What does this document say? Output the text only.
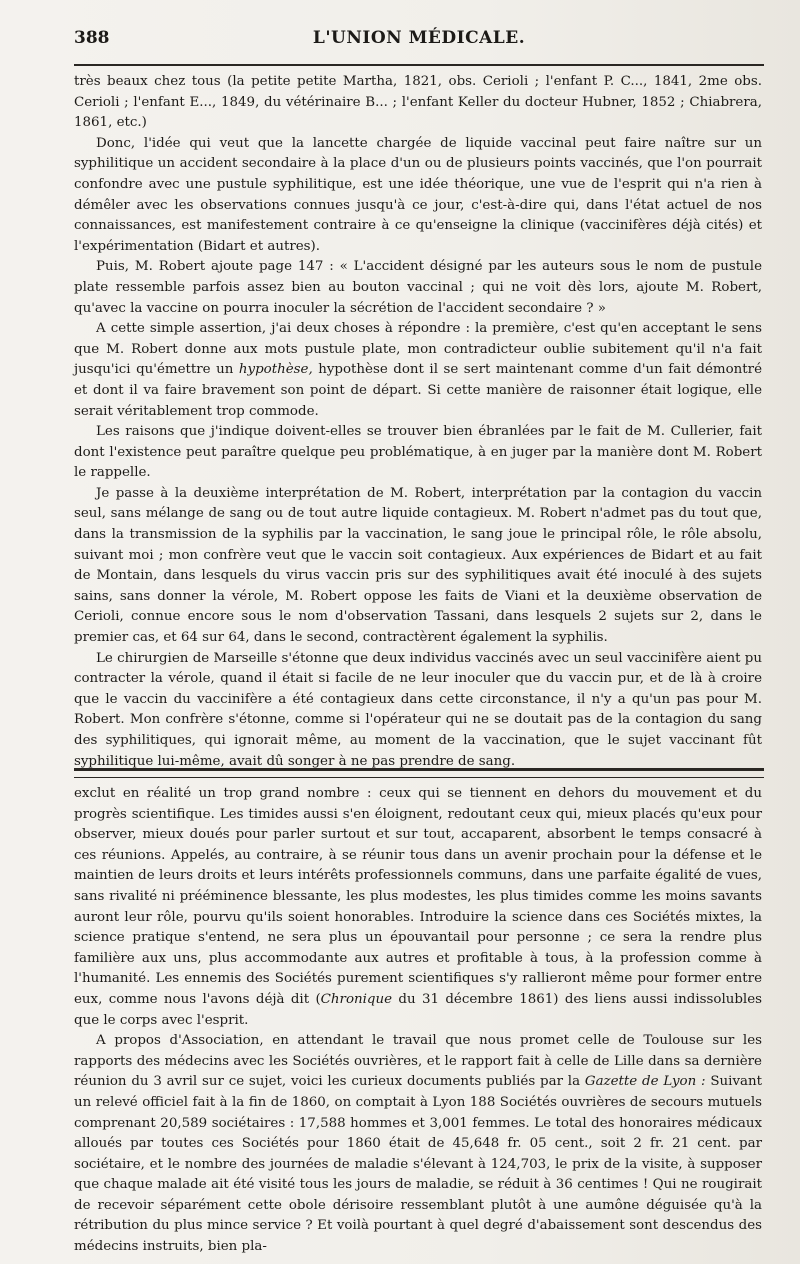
388	L'UNION MÉDICALE.

très beaux chez tous (la petite petite Martha, 1821, obs. Cerioli ; l'enfant P. C..., 1841, 2me obs. Cerioli ; l'enfant E..., 1849, du vétérinaire B... ; l'enfant Keller du docteur Hubner, 1852 ; Chiabrera, 1861, etc.)

Donc, l'idée qui veut que la lancette chargée de liquide vaccinal peut faire naître sur un syphilitique un accident secondaire à la place d'un ou de plusieurs points vaccinés, que l'on pourrait confondre avec une pustule syphilitique, est une idée théorique, une vue de l'esprit qui n'a rien à démêler avec les observations connues jusqu'à ce jour, c'est-à-dire qui, dans l'état actuel de nos connaissances, est manifestement contraire à ce qu'enseigne la clinique (vaccinifères déjà cités) et l'expérimentation (Bidart et autres).

Puis, M. Robert ajoute page 147 : « L'accident désigné par les auteurs sous le nom de pustule plate ressemble parfois assez bien au bouton vaccinal ; qui ne voit dès lors, ajoute M. Robert, qu'avec la vaccine on pourra inoculer la sécrétion de l'accident secondaire ? »

A cette simple assertion, j'ai deux choses à répondre : la première, c'est qu'en acceptant le sens que M. Robert donne aux mots pustule plate, mon contradicteur oublie subitement qu'il n'a fait jusqu'ici qu'émettre un hypothèse, hypothèse dont il se sert maintenant comme d'un fait démontré et dont il va faire bravement son point de départ. Si cette manière de raisonner était logique, elle serait véritablement trop commode.

Les raisons que j'indique doivent-elles se trouver bien ébranlées par le fait de M. Cullerier, fait dont l'existence peut paraître quelque peu problématique, à en juger par la manière dont M. Robert le rappelle.

Je passe à la deuxième interprétation de M. Robert, interprétation par la contagion du vaccin seul, sans mélange de sang ou de tout autre liquide contagieux. M. Robert n'admet pas du tout que, dans la transmission de la syphilis par la vaccination, le sang joue le principal rôle, le rôle absolu, suivant moi ; mon confrère veut que le vaccin soit contagieux. Aux expériences de Bidart et au fait de Montain, dans lesquels du virus vaccin pris sur des syphilitiques avait été inoculé à des sujets sains, sans donner la vérole, M. Robert oppose les faits de Viani et la deuxième observation de Cerioli, connue encore sous le nom d'observation Tassani, dans lesquels 2 sujets sur 2, dans le premier cas, et 64 sur 64, dans le second, contractèrent également la syphilis.

Le chirurgien de Marseille s'étonne que deux individus vaccinés avec un seul vaccinifère aient pu contracter la vérole, quand il était si facile de ne leur inoculer que du vaccin pur, et de là à croire que le vaccin du vaccinifère a été contagieux dans cette circonstance, il n'y a qu'un pas pour M. Robert. Mon confrère s'étonne, comme si l'opérateur qui ne se doutait pas de la contagion du sang des syphilitiques, qui ignorait même, au moment de la vaccination, que le sujet vaccinant fût syphilitique lui-même, avait dû songer à ne pas prendre de sang.

exclut en réalité un trop grand nombre : ceux qui se tiennent en dehors du mouvement et du progrès scientifique. Les timides aussi s'en éloignent, redoutant ceux qui, mieux placés qu'eux pour observer, mieux doués pour parler surtout et sur tout, accaparent, absorbent le temps consacré à ces réunions. Appelés, au contraire, à se réunir tous dans un avenir prochain pour la défense et le maintien de leurs droits et leurs intérêts professionnels communs, dans une parfaite égalité de vues, sans rivalité ni prééminence blessante, les plus modestes, les plus timides comme les moins savants auront leur rôle, pourvu qu'ils soient honorables. Introduire la science dans ces Sociétés mixtes, la science pratique s'entend, ne sera plus un épouvantail pour personne ; ce sera la rendre plus familière aux uns, plus accommodante aux autres et profitable à tous, à la profession comme à l'humanité. Les ennemis des Sociétés purement scientifiques s'y rallieront même pour former entre eux, comme nous l'avons déjà dit (Chronique du 31 décembre 1861) des liens aussi indissolubles que le corps avec l'esprit.

A propos d'Association, en attendant le travail que nous promet celle de Toulouse sur les rapports des médecins avec les Sociétés ouvrières, et le rapport fait à celle de Lille dans sa dernière réunion du 3 avril sur ce sujet, voici les curieux documents publiés par la Gazette de Lyon : Suivant un relevé officiel fait à la fin de 1860, on comptait à Lyon 188 Sociétés ouvrières de secours mutuels comprenant 20,589 sociétaires : 17,588 hommes et 3,001 femmes. Le total des honoraires médicaux alloués par toutes ces Sociétés pour 1860 était de 45,648 fr. 05 cent., soit 2 fr. 21 cent. par sociétaire, et le nombre des journées de maladie s'élevant à 124,703, le prix de la visite, à supposer que chaque malade ait été visité tous les jours de maladie, se réduit à 36 centimes ! Qui ne rougirait de recevoir séparément cette obole dérisoire ressemblant plutôt à une aumône déguisée qu'à la rétribution du plus mince service ? Et voilà pourtant à quel degré d'abaissement sont descendus des médecins instruits, bien pla-
